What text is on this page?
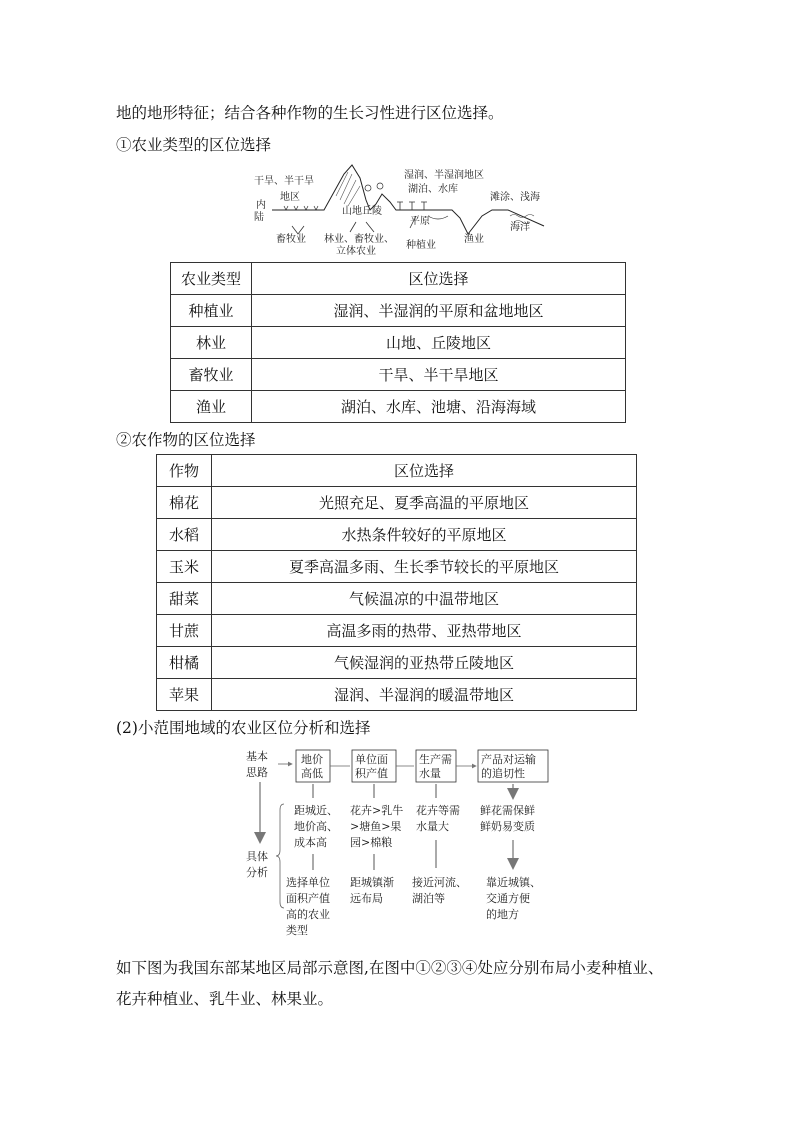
地的地形特征；结合各种作物的生长习性进行区位选择。
①农业类型的区位选择
干旱、半干旱
地区
内
陆
湿润、半湿润地区
湖泊、水库
滩涂、浅海
海洋
山地 丘陵
平原
畜牧业 林业、畜牧业、
立体农业
种植业
渔业
农业类型	区位选择
种植业	湿润、半湿润的平原和盆地地区
林业	山地、丘陵地区
畜牧业	干旱、半干旱地区
渔业	湖泊、水库、池塘、沿海海域
②农作物的区位选择
作物	区位选择
棉花	光照充足、夏季高温的平原地区
水稻	水热条件较好的平原地区
玉米	夏季高温多雨、生长季节较长的平原地区
甜菜	气候温凉的中温带地区
甘蔗	高温多雨的热带、亚热带地区
柑橘	气候湿润的亚热带丘陵地区
苹果	湿润、半湿润的暖温带地区
(2)小范围地域的农业区位分析和选择
基本
思路
具体
分析
地价
高低
单位面
积产值
生产需
水量
产品对运输
的追切性
距城近、
地价高、
成本高
花卉>乳牛
>塘鱼>果
园>棉粮
花卉等需
水量大
鲜花需保鲜
鲜奶易变质
选择单位
面积产值
高的农业
类型
距城镇渐
远布局
接近河流、
湖泊等
靠近城镇、
交通方便
的地方
如下图为我国东部某地区局部示意图,在图中①②③④处应分别布局小麦种植业、
花卉种植业、乳牛业、林果业。
